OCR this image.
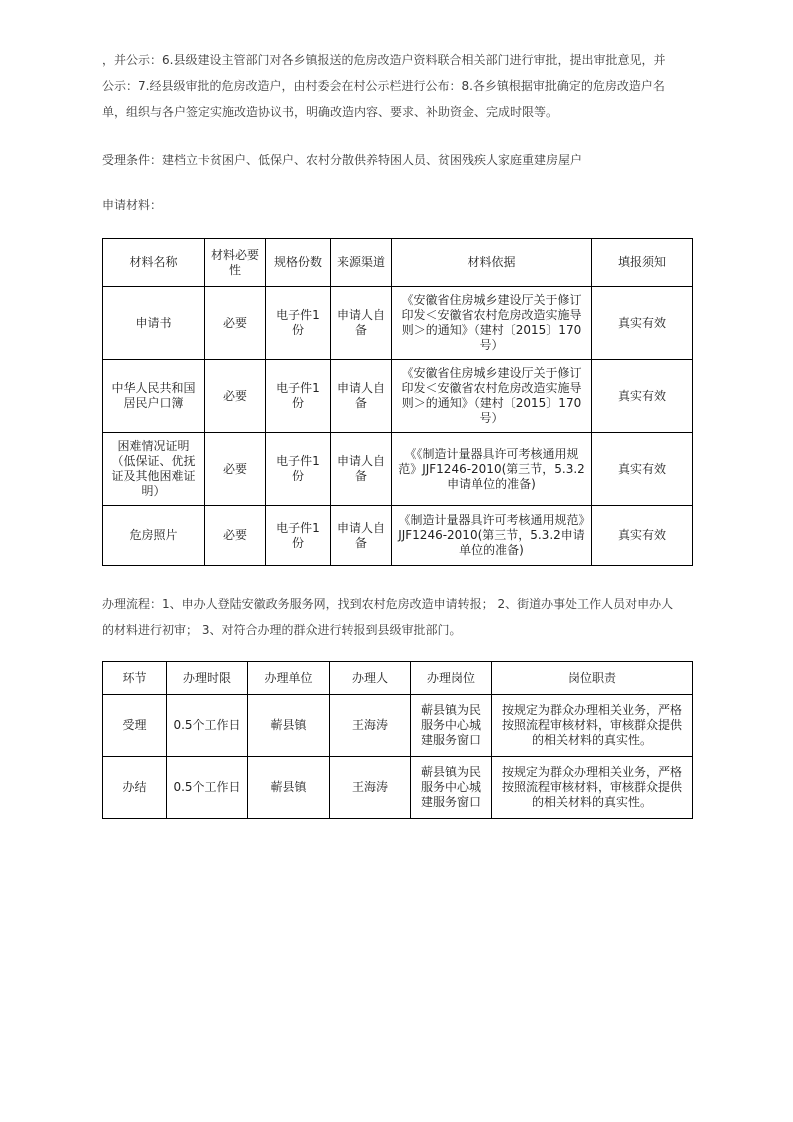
，并公示：6.县级建设主管部门对各乡镇报送的危房改造户资料联合相关部门进行审批，提出审批意见，并

公示：7.经县级审批的危房改造户，由村委会在村公示栏进行公布：8.各乡镇根据审批确定的危房改造户名

单，组织与各户签定实施改造协议书，明确改造内容、要求、补助资金、完成时限等。

受理条件：建档立卡贫困户、低保户、农村分散供养特困人员、贫困残疾人家庭重建房屋户

申请材料：

材料名称	材料必要性	规格份数	来源渠道	材料依据	填报须知
申请书	必要	电子件1份	申请人自备	《安徽省住房城乡建设厅关于修订印发＜安徽省农村危房改造实施导则＞的通知》（建村〔2015〕170号）	真实有效
中华人民共和国居民户口簿	必要	电子件1份	申请人自备	《安徽省住房城乡建设厅关于修订印发＜安徽省农村危房改造实施导则＞的通知》（建村〔2015〕170号）	真实有效
困难情况证明（低保证、优抚证及其他困难证明）	必要	电子件1份	申请人自备	《《制造计量器具许可考核通用规范》JJF1246-2010(第三节，5.3.2申请单位的准备)	真实有效
危房照片	必要	电子件1份	申请人自备	《制造计量器具许可考核通用规范》JJF1246-2010(第三节，5.3.2申请单位的准备)	真实有效

办理流程：1、申办人登陆安徽政务服务网，找到农村危房改造申请转报； 2、街道办事处工作人员对申办人

的材料进行初审； 3、对符合办理的群众进行转报到县级审批部门。

环节	办理时限	办理单位	办理人	办理岗位	岗位职责
受理	0.5个工作日	蕲县镇	王海涛	蕲县镇为民服务中心城建服务窗口	按规定为群众办理相关业务，严格按照流程审核材料，审核群众提供的相关材料的真实性。
办结	0.5个工作日	蕲县镇	王海涛	蕲县镇为民服务中心城建服务窗口	按规定为群众办理相关业务，严格按照流程审核材料，审核群众提供的相关材料的真实性。
